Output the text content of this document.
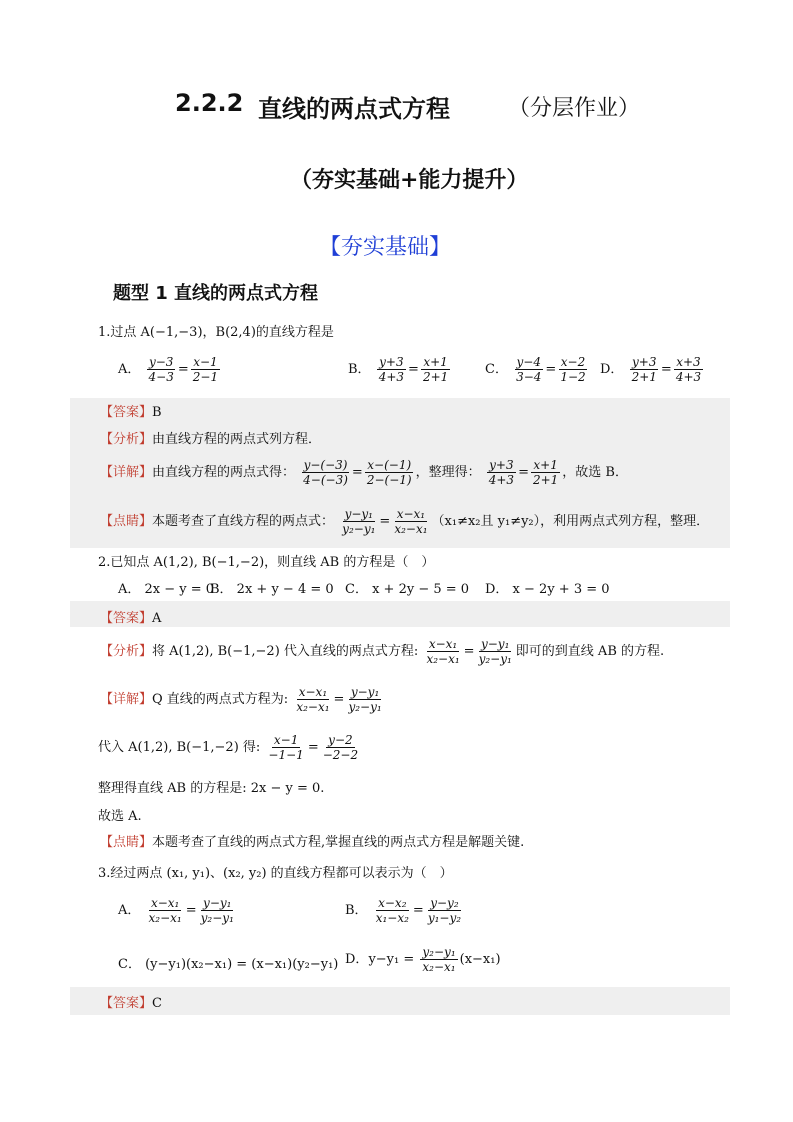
2.2.2 直线的两点式方程	（分层作业）
（夯实基础+能力提升）
【夯实基础】
题型 1 直线的两点式方程
1.过点 A(−1,−3)，B(2,4)的直线方程是
A． $\frac{y-3}{4-3} = \frac{x-1}{2-1}$	B． $\frac{y+3}{4+3} = \frac{x+1}{2+1}$	C． $\frac{y-4}{3-4} = \frac{x-2}{1-2}$ D． $\frac{y+3}{2+1} = \frac{x+3}{4+3}$
【答案】B
【分析】由直线方程的两点式列方程．
【详解】由直线方程的两点式得： $\frac{y-(-3)}{4-(-3)} = \frac{x-(-1)}{2-(-1)}$ ，整理得： $\frac{y+3}{4+3} = \frac{x+1}{2+1}$ ，故选 B．
【点睛】本题考查了直线方程的两点式： $\frac{\text{y−y₁}}{\text{y₂−y₁}} = \frac{\text{x−x₁}}{\text{x₂−x₁}} (x_1\ne x_2$且 y₁≠y₂），利用两点式列方程，整理．
2.已知点 A(1,2), B(−1,−2)，则直线 AB 的方程是（　）
A． 2x − y = 0
B． 2x + y − 4 = 0 C． x + 2y − 5 = 0 D． x − 2y + 3 = 0
【答案】A
【分析】将 A(1,2), B(−1,−2) 代入直线的两点式方程: $\frac{\text{x−x₁}}{\text{x₂−x₁}} = \frac{\text{y−y₁}}{\text{y₂−y₁}}$ 即可的到直线 AB 的方程.
【详解】Q 直线的两点式方程为: $\frac{\text{x−x₁}}{\text{x₂−x₁}} = \frac{\text{y−y₁}}{\text{y₂−y₁}}$
代入 A(1,2), B(−1,−2) 得: $\frac{x-1}{-1-1} = \frac{y-2}{-2-2}$
整理得直线 AB 的方程是: 2x − y = 0.
故选 A.
【点睛】本题考查了直线的两点式方程,掌握直线的两点式方程是解题关键.
3.经过两点 (x₁, y₁)、(x₂, y₂) 的直线方程都可以表示为（　）
A． $\frac{\text{x−x₁}}{\text{x₂−x₁}} = \frac{\text{y−y₁}}{\text{y₂−y₁}}$	B． $\frac{\text{x−x₂}}{\text{x₁−x₂}} = \frac{\text{y−y₂}}{\text{y₁−y₂}}$
C． (y−y₁)(x₂−x₁) = (x−x₁)(y₂−y₁) D．$y-y_1 = \frac{\text{y₂−y₁}}{\text{x₂−x₁}} (x-x_1)$
【答案】C
